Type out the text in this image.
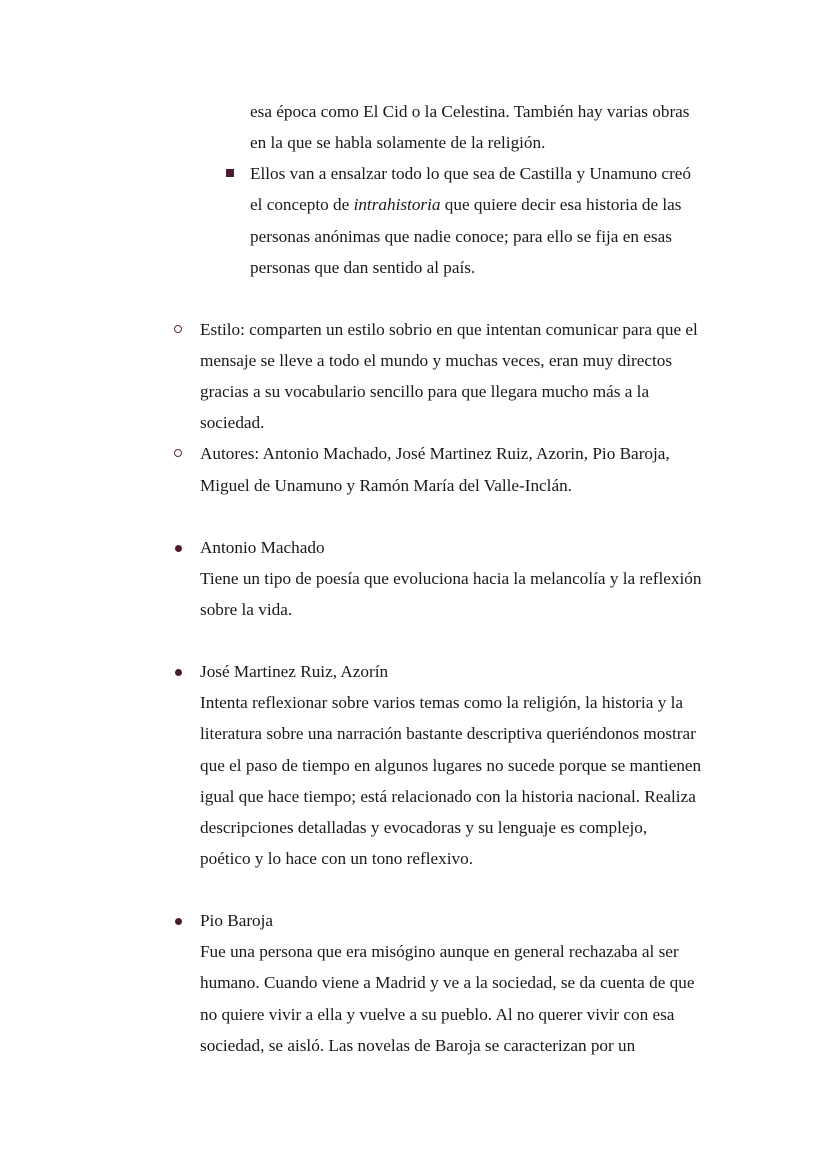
esa época como El Cid o la Celestina. También hay varias obras
en la que se habla solamente de la religión.
Ellos van a ensalzar todo lo que sea de Castilla y Unamuno creó
el concepto de intrahistoria que quiere decir esa historia de las
personas anónimas que nadie conoce; para ello se fija en esas
personas que dan sentido al país.
Estilo: comparten un estilo sobrio en que intentan comunicar para que el
mensaje se lleve a todo el mundo y muchas veces, eran muy directos
gracias a su vocabulario sencillo para que llegara mucho más a la
sociedad.
Autores: Antonio Machado, José Martinez Ruiz, Azorin, Pio Baroja,
Miguel de Unamuno y Ramón María del Valle-Inclán.
Antonio Machado
Tiene un tipo de poesía que evoluciona hacia la melancolía y la reflexión
sobre la vida.
José Martinez Ruiz, Azorín
Intenta reflexionar sobre varios temas como la religión, la historia y la
literatura sobre una narración bastante descriptiva queriéndonos mostrar
que el paso de tiempo en algunos lugares no sucede porque se mantienen
igual que hace tiempo; está relacionado con la historia nacional. Realiza
descripciones detalladas y evocadoras y su lenguaje es complejo,
poético y lo hace con un tono reflexivo.
Pio Baroja
Fue una persona que era misógino aunque en general rechazaba al ser
humano. Cuando viene a Madrid y ve a la sociedad, se da cuenta de que
no quiere vivir a ella y vuelve a su pueblo. Al no querer vivir con esa
sociedad, se aisló. Las novelas de Baroja se caracterizan por un
